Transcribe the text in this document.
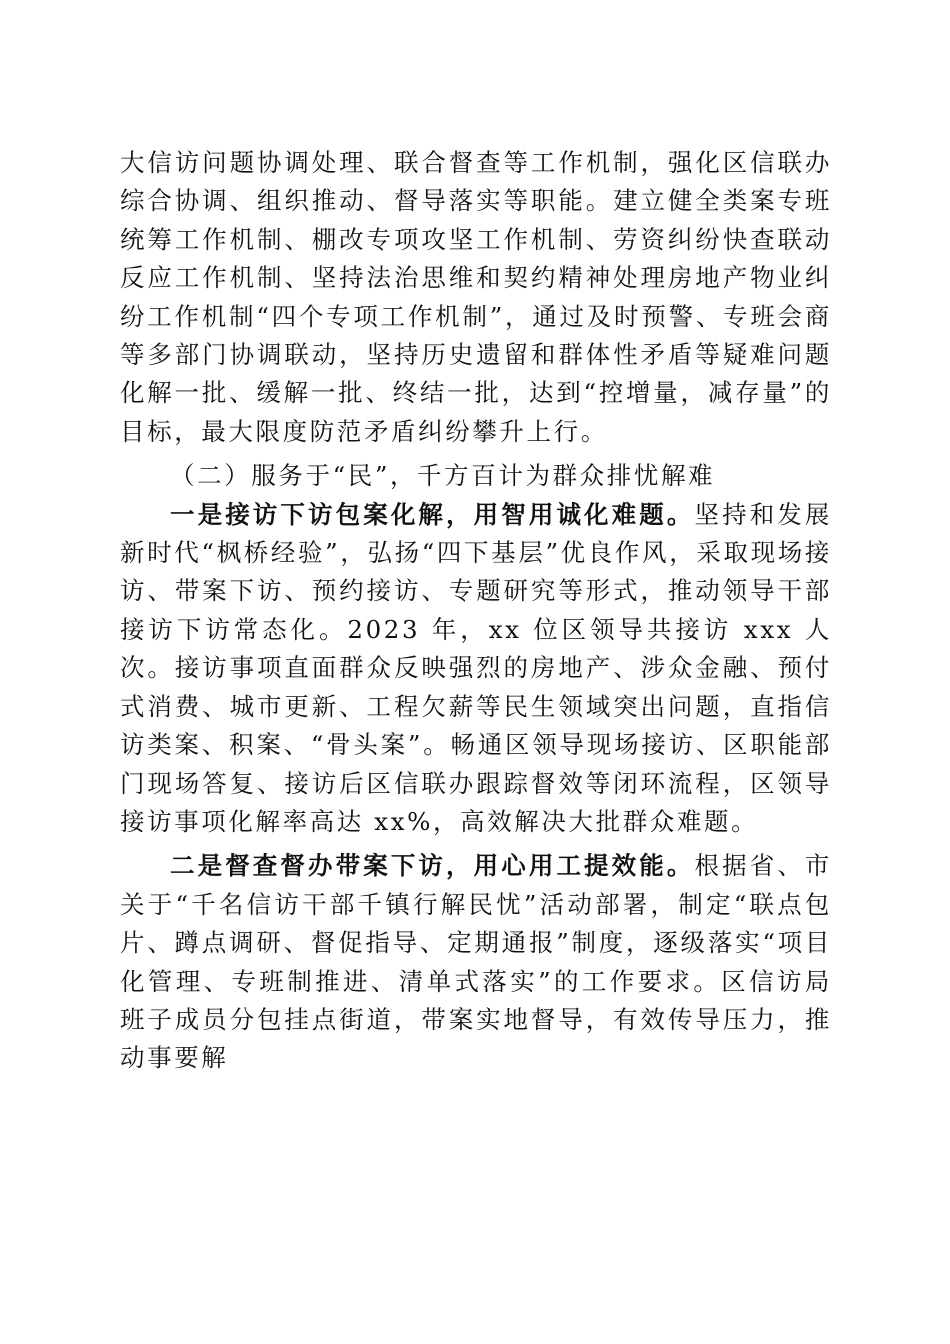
大信访问题协调处理、联合督查等工作机制，强化区信联办综合协调、组织推动、督导落实等职能。建立健全类案专班统筹工作机制、棚改专项攻坚工作机制、劳资纠纷快查联动反应工作机制、坚持法治思维和契约精神处理房地产物业纠纷工作机制“四个专项工作机制”，通过及时预警、专班会商等多部门协调联动，坚持历史遗留和群体性矛盾等疑难问题化解一批、缓解一批、终结一批，达到“控增量，减存量”的目标，最大限度防范矛盾纠纷攀升上行。

（二）服务于“民”，千方百计为群众排忧解难

一是接访下访包案化解，用智用诚化难题。坚持和发展新时代“枫桥经验”，弘扬“四下基层”优良作风，采取现场接访、带案下访、预约接访、专题研究等形式，推动领导干部接访下访常态化。2023 年，xx 位区领导共接访 xxx 人次。接访事项直面群众反映强烈的房地产、涉众金融、预付式消费、城市更新、工程欠薪等民生领域突出问题，直指信访类案、积案、“骨头案”。畅通区领导现场接访、区职能部门现场答复、接访后区信联办跟踪督效等闭环流程，区领导接访事项化解率高达 xx%，高效解决大批群众难题。

二是督查督办带案下访，用心用工提效能。根据省、市关于“千名信访干部千镇行解民忧”活动部署，制定“联点包片、蹲点调研、督促指导、定期通报”制度，逐级落实“项目化管理、专班制推进、清单式落实”的工作要求。区信访局班子成员分包挂点街道，带案实地督导，有效传导压力，推动事要解
